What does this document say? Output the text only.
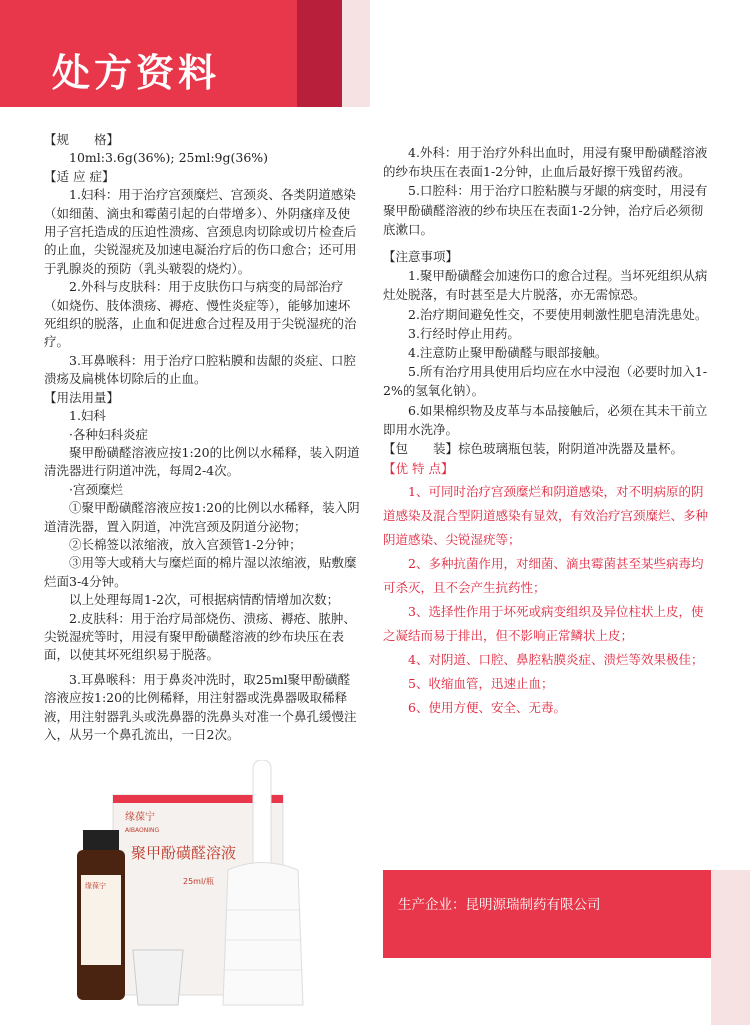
处方资料

【规　　格】

10ml:3.6g(36%); 25ml:9g(36%)

【适 应 症】

1.妇科：用于治疗宫颈糜烂、宫颈炎、各类阴道感染（如细菌、滴虫和霉菌引起的白带增多）、外阴瘙痒及使用子宫托造成的压迫性溃疡、宫颈息肉切除或切片检查后的止血，尖锐湿疣及加速电凝治疗后的伤口愈合；还可用于乳腺炎的预防（乳头皲裂的烧灼）。

2.外科与皮肤科：用于皮肤伤口与病变的局部治疗（如烧伤、肢体溃疡、褥疮、慢性炎症等），能够加速坏死组织的脱落，止血和促进愈合过程及用于尖锐湿疣的治疗。

3.耳鼻喉科：用于治疗口腔粘膜和齿龈的炎症、口腔溃疡及扁桃体切除后的止血。

【用法用量】

1.妇科

·各种妇科炎症

聚甲酚磺醛溶液应按1:20的比例以水稀释，装入阴道清洗器进行阴道冲洗，每周2-4次。

·宫颈糜烂

①聚甲酚磺醛溶液应按1:20的比例以水稀释，装入阴道清洗器，置入阴道，冲洗宫颈及阴道分泌物；

②长棉签以浓缩液，放入宫颈管1-2分钟；

③用等大或稍大与糜烂面的棉片湿以浓缩液，贴敷糜烂面3-4分钟。

以上处理每周1-2次，可根据病情酌情增加次数；

2.皮肤科：用于治疗局部烧伤、溃疡、褥疮、脓肿、尖锐湿疣等时，用浸有聚甲酚磺醛溶液的纱布块压在表面，以使其坏死组织易于脱落。

3.耳鼻喉科：用于鼻炎冲洗时，取25ml聚甲酚磺醛溶液应按1:20的比例稀释，用注射器或洗鼻器吸取稀释液，用注射器乳头或洗鼻器的洗鼻头对准一个鼻孔缓慢注入，从另一个鼻孔流出，一日2次。

4.外科：用于治疗外科出血时，用浸有聚甲酚磺醛溶液的纱布块压在表面1-2分钟，止血后最好擦干残留药液。

5.口腔科：用于治疗口腔粘膜与牙龈的病变时，用浸有聚甲酚磺醛溶液的纱布块压在表面1-2分钟，治疗后必须彻底漱口。

【注意事项】

1.聚甲酚磺醛会加速伤口的愈合过程。当坏死组织从病灶处脱落，有时甚至是大片脱落，亦无需惊恐。

2.治疗期间避免性交，不要使用刺激性肥皂清洗患处。

3.行经时停止用药。

4.注意防止聚甲酚磺醛与眼部接触。

5.所有治疗用具使用后均应在水中浸泡（必要时加入1-2%的氢氧化钠）。

6.如果棉织物及皮革与本品接触后，必须在其未干前立即用水洗净。

【包　　装】棕色玻璃瓶包装，附阴道冲洗器及量杯。

【优 特 点】

1、可同时治疗宫颈糜烂和阴道感染，对不明病原的阴道感染及混合型阴道感染有显效，有效治疗宫颈糜烂、多种阴道感染、尖锐湿疣等；

2、多种抗菌作用，对细菌、滴虫霉菌甚至某些病毒均可杀灭，且不会产生抗药性；

3、选择性作用于坏死或病变组织及异位柱状上皮，使之凝结而易于排出，但不影响正常鳞状上皮；

4、对阴道、口腔、鼻腔粘膜炎症、溃烂等效果极佳；

5、收缩血管，迅速止血；

6、使用方便、安全、无毒。

缘葆宁
AIBAONING
聚甲酚磺醛溶液
25ml/瓶
缘葆宁
生产企业：昆明源瑞制药有限公司
